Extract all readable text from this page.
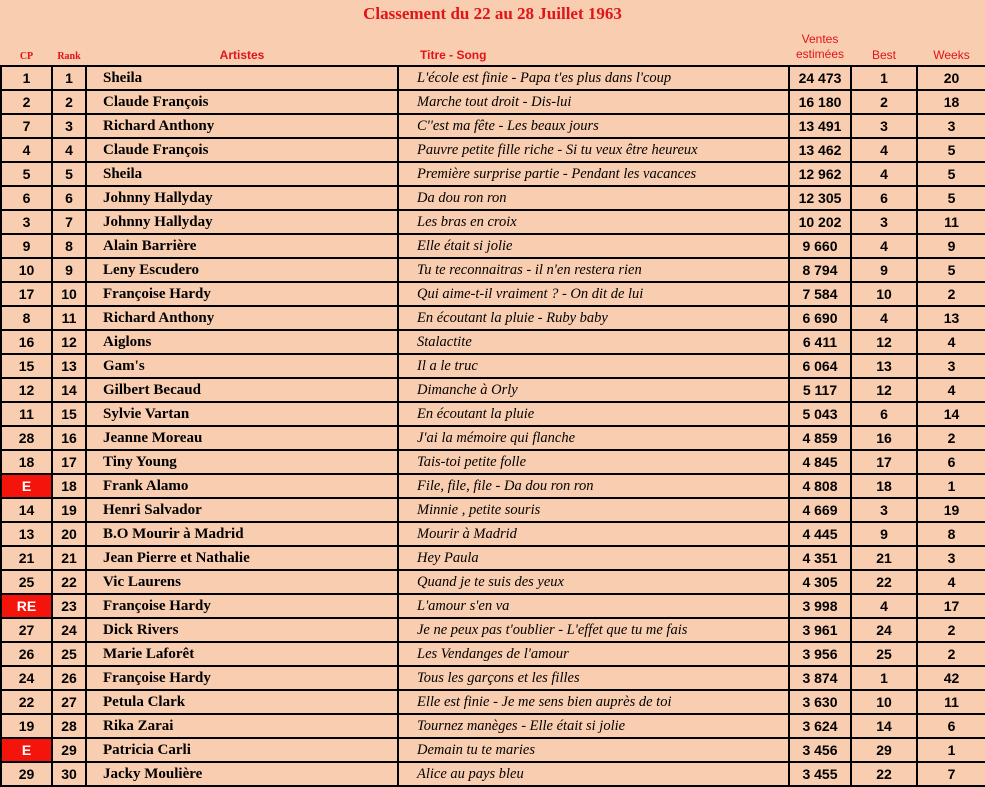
Classement du 22 au 28 Juillet 1963
CP	Rank	Artistes	Titre - Song	Ventes
estimées	Best	Weeks
1	1	Sheila	L'école est finie - Papa t'es plus dans l'coup	24 473	1	20
2	2	Claude François	Marche tout droit - Dis-lui	16 180	2	18
7	3	Richard Anthony	C''est ma fête - Les beaux jours	13 491	3	3
4	4	Claude François	Pauvre petite fille riche - Si tu veux être heureux	13 462	4	5
5	5	Sheila	Première surprise partie - Pendant les vacances	12 962	4	5
6	6	Johnny Hallyday	Da dou ron ron	12 305	6	5
3	7	Johnny Hallyday	Les bras en croix	10 202	3	11
9	8	Alain Barrière	Elle était si jolie	9 660	4	9
10	9	Leny Escudero	Tu te reconnaitras - il n'en restera rien	8 794	9	5
17	10	Françoise Hardy	Qui aime-t-il vraiment ? - On dit de lui	7 584	10	2
8	11	Richard Anthony	En écoutant la pluie - Ruby baby	6 690	4	13
16	12	Aiglons	Stalactite	6 411	12	4
15	13	Gam's	Il a le truc	6 064	13	3
12	14	Gilbert Becaud	Dimanche à Orly	5 117	12	4
11	15	Sylvie Vartan	En écoutant la pluie	5 043	6	14
28	16	Jeanne Moreau	J'ai la mémoire qui flanche	4 859	16	2
18	17	Tiny Young	Tais-toi petite folle	4 845	17	6
E	18	Frank Alamo	File, file, file - Da dou ron ron	4 808	18	1
14	19	Henri Salvador	Minnie , petite souris	4 669	3	19
13	20	B.O Mourir à Madrid	Mourir à Madrid	4 445	9	8
21	21	Jean Pierre et Nathalie	Hey Paula	4 351	21	3
25	22	Vic Laurens	Quand je te suis des yeux	4 305	22	4
RE	23	Françoise Hardy	L'amour s'en va	3 998	4	17
27	24	Dick Rivers	Je ne peux pas t'oublier - L'effet que tu me fais	3 961	24	2
26	25	Marie Laforêt	Les Vendanges de l'amour	3 956	25	2
24	26	Françoise Hardy	Tous les garçons et les filles	3 874	1	42
22	27	Petula Clark	Elle est finie - Je me sens bien auprès de toi	3 630	10	11
19	28	Rika Zarai	Tournez manèges - Elle était si jolie	3 624	14	6
E	29	Patricia Carli	Demain tu te maries	3 456	29	1
29	30	Jacky Moulière	Alice au pays bleu	3 455	22	7
